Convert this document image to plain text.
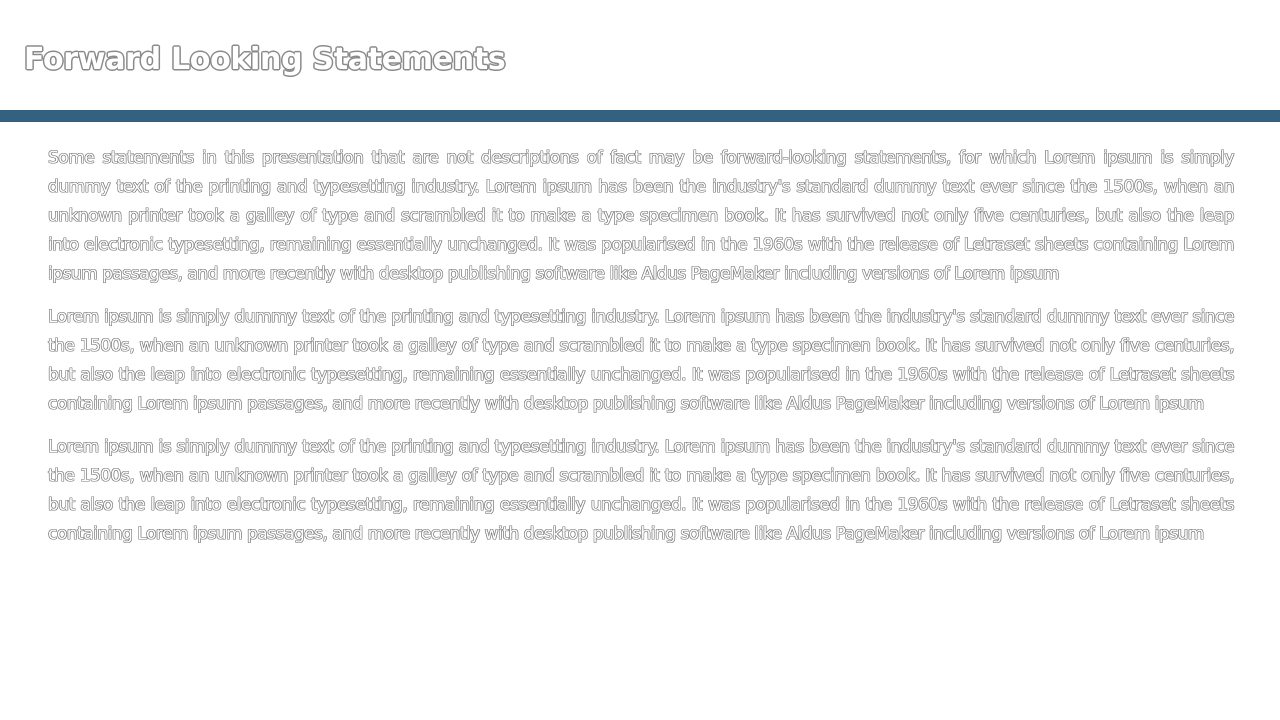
Forward Looking Statements

Some statements in this presentation that are not descriptions of fact may be forward-looking statements, for which Lorem ipsum is simply dummy text of the printing and typesetting industry. Lorem ipsum has been the industry's standard dummy text ever since the 1500s, when an unknown printer took a galley of type and scrambled it to make a type specimen book. It has survived not only five centuries, but also the leap into electronic typesetting, remaining essentially unchanged. It was popularised in the 1960s with the release of Letraset sheets containing Lorem ipsum passages, and more recently with desktop publishing software like Aldus PageMaker including versions of Lorem ipsum

Lorem ipsum is simply dummy text of the printing and typesetting industry. Lorem ipsum has been the industry's standard dummy text ever since the 1500s, when an unknown printer took a galley of type and scrambled it to make a type specimen book. It has survived not only five centuries, but also the leap into electronic typesetting, remaining essentially unchanged. It was popularised in the 1960s with the release of Letraset sheets containing Lorem ipsum passages, and more recently with desktop publishing software like Aldus PageMaker including versions of Lorem ipsum

Lorem ipsum is simply dummy text of the printing and typesetting industry. Lorem ipsum has been the industry's standard dummy text ever since the 1500s, when an unknown printer took a galley of type and scrambled it to make a type specimen book. It has survived not only five centuries, but also the leap into electronic typesetting, remaining essentially unchanged. It was popularised in the 1960s with the release of Letraset sheets containing Lorem ipsum passages, and more recently with desktop publishing software like Aldus PageMaker including versions of Lorem ipsum
